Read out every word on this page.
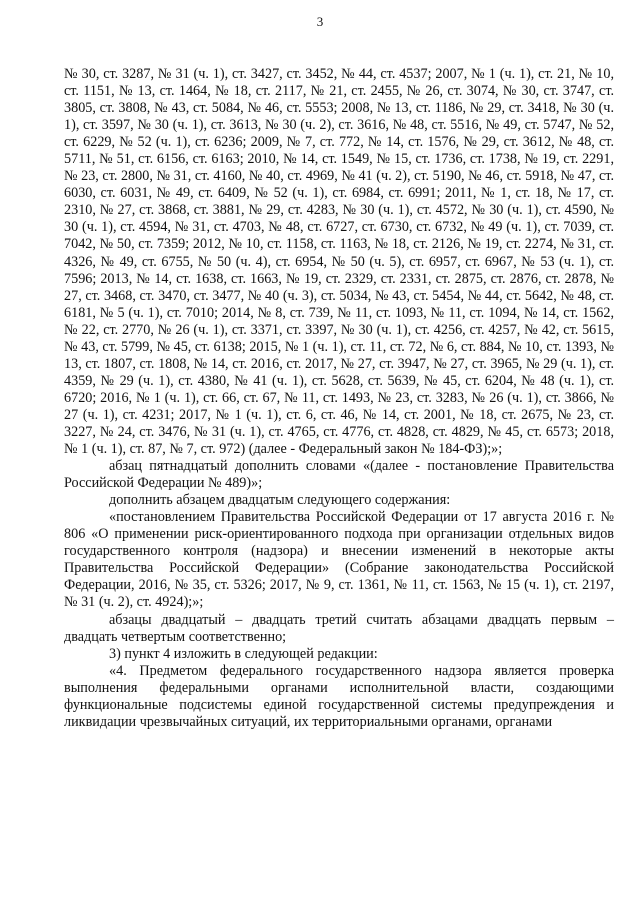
3

№ 30, ст. 3287, № 31 (ч. 1), ст. 3427, ст. 3452, № 44, ст. 4537; 2007, № 1 (ч. 1), ст. 21, № 10, ст. 1151, № 13, ст. 1464, № 18, ст. 2117, № 21, ст. 2455, № 26, ст. 3074, № 30, ст. 3747, ст. 3805, ст. 3808, № 43, ст. 5084, № 46, ст. 5553; 2008, № 13, ст. 1186, № 29, ст. 3418, № 30 (ч. 1), ст. 3597, № 30 (ч. 1), ст. 3613, № 30 (ч. 2), ст. 3616, № 48, ст. 5516, № 49, ст. 5747, № 52, ст. 6229, № 52 (ч. 1), ст. 6236; 2009, № 7, ст. 772, № 14, ст. 1576, № 29, ст. 3612, № 48, ст. 5711, № 51, ст. 6156, ст. 6163; 2010, № 14, ст. 1549, № 15, ст. 1736, ст. 1738, № 19, ст. 2291, № 23, ст. 2800, № 31, ст. 4160, № 40, ст. 4969, № 41 (ч. 2), ст. 5190, № 46, ст. 5918, № 47, ст. 6030, ст. 6031, № 49, ст. 6409, № 52 (ч. 1), ст. 6984, ст. 6991; 2011, № 1, ст. 18, № 17, ст. 2310, № 27, ст. 3868, ст. 3881, № 29, ст. 4283, № 30 (ч. 1), ст. 4572, № 30 (ч. 1), ст. 4590, № 30 (ч. 1), ст. 4594, № 31, ст. 4703, № 48, ст. 6727, ст. 6730, ст. 6732, № 49 (ч. 1), ст. 7039, ст. 7042, № 50, ст. 7359; 2012, № 10, ст. 1158, ст. 1163, № 18, ст. 2126, № 19, ст. 2274, № 31, ст. 4326, № 49, ст. 6755, № 50 (ч. 4), ст. 6954, № 50 (ч. 5), ст. 6957, ст. 6967, № 53 (ч. 1), ст. 7596; 2013, № 14, ст. 1638, ст. 1663, № 19, ст. 2329, ст. 2331, ст. 2875, ст. 2876, ст. 2878, № 27, ст. 3468, ст. 3470, ст. 3477, № 40 (ч. 3), ст. 5034, № 43, ст. 5454, № 44, ст. 5642, № 48, ст. 6181, № 5 (ч. 1), ст. 7010; 2014, № 8, ст. 739, № 11, ст. 1093, № 11, ст. 1094, № 14, ст. 1562, № 22, ст. 2770, № 26 (ч. 1), ст. 3371, ст. 3397, № 30 (ч. 1), ст. 4256, ст. 4257, № 42, ст. 5615, № 43, ст. 5799, № 45, ст. 6138; 2015, № 1 (ч. 1), ст. 11, ст. 72, № 6, ст. 884, № 10, ст. 1393, № 13, ст. 1807, ст. 1808, № 14, ст. 2016, ст. 2017, № 27, ст. 3947, № 27, ст. 3965, № 29 (ч. 1), ст. 4359, № 29 (ч. 1), ст. 4380, № 41 (ч. 1), ст. 5628, ст. 5639, № 45, ст. 6204, № 48 (ч. 1), ст. 6720; 2016, № 1 (ч. 1), ст. 66, ст. 67, № 11, ст. 1493, № 23, ст. 3283, № 26 (ч. 1), ст. 3866, № 27 (ч. 1), ст. 4231; 2017, № 1 (ч. 1), ст. 6, ст. 46, № 14, ст. 2001, № 18, ст. 2675, № 23, ст. 3227, № 24, ст. 3476, № 31 (ч. 1), ст. 4765, ст. 4776, ст. 4828, ст. 4829, № 45, ст. 6573; 2018, № 1 (ч. 1), ст. 87, № 7, ст. 972) (далее - Федеральный закон № 184-ФЗ);»;

абзац пятнадцатый дополнить словами «(далее - постановление Правительства Российской Федерации № 489)»;

дополнить абзацем двадцатым следующего содержания:

«постановлением Правительства Российской Федерации от 17 августа 2016 г. № 806 «О применении риск-ориентированного подхода при организации отдельных видов государственного контроля (надзора) и внесении изменений в некоторые акты Правительства Российской Федерации» (Собрание законодательства Российской Федерации, 2016, № 35, ст. 5326; 2017, № 9, ст. 1361, № 11, ст. 1563, № 15 (ч. 1), ст. 2197, № 31 (ч. 2), ст. 4924);»;

абзацы двадцатый – двадцать третий считать абзацами двадцать первым – двадцать четвертым соответственно;

3) пункт 4 изложить в следующей редакции:

«4. Предметом федерального государственного надзора является проверка выполнения федеральными органами исполнительной власти, создающими функциональные подсистемы единой государственной системы предупреждения и ликвидации чрезвычайных ситуаций, их территориальными органами, органами
